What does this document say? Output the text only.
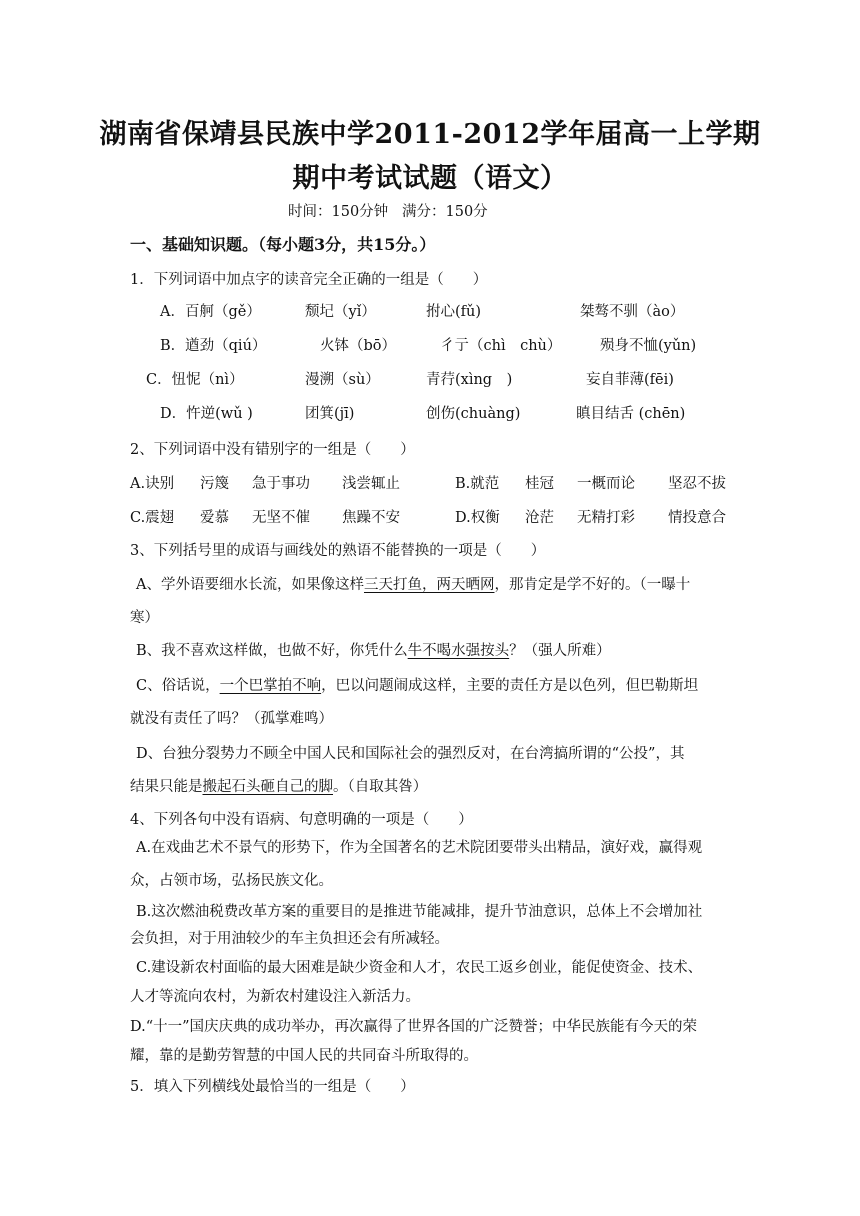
湖南省保靖县民族中学2011-2012学年届高一上学期
期中考试试题（语文）
时间：150分钟 满分：150分
一、基础知识题。（每小题3分，共15分。）
1．下列词语中加点字的读音完全正确的一组是（　　）
A．百舸（gě）	颓圮（yǐ）	拊心(fǔ)	桀骜不驯（ào）
B．遒劲（qiú）	火钵（bō）	彳亍（chì　chù）	殒身不恤(yǔn)
C．忸怩（nì）	漫溯（sù）	青荇(xìng　)	妄自菲薄(fēi)
D．忤逆(wǔ )	团箕(jī)	创伤(chuàng)	瞋目结舌 (chēn)
2、下列词语中没有错别字的一组是（　　）
A.诀别 污篾 急于事功 浅尝辄止	B.就范 桂冠 一概而论 坚忍不拔
C.震翅 爱慕 无坚不催 焦躁不安	D.权衡 沧茫 无精打彩 情投意合
3、下列括号里的成语与画线处的熟语不能替换的一项是（　　）
A、学外语要细水长流，如果像这样三天打鱼，两天晒网，那肯定是学不好的。（一曝十
寒）
B、我不喜欢这样做，也做不好，你凭什么牛不喝水强按头？（强人所难）
C、俗话说，一个巴掌拍不响，巴以问题闹成这样，主要的责任方是以色列，但巴勒斯坦
就没有责任了吗？（孤掌难鸣）
D、台独分裂势力不顾全中国人民和国际社会的强烈反对，在台湾搞所谓的“公投”，其
结果只能是搬起石头砸自己的脚。（自取其咎）
4、下列各句中没有语病、句意明确的一项是（　　）
A.在戏曲艺术不景气的形势下，作为全国著名的艺术院团要带头出精品，演好戏，赢得观
众，占领市场，弘扬民族文化。
B.这次燃油税费改革方案的重要目的是推进节能减排，提升节油意识，总体上不会增加社
会负担，对于用油较少的车主负担还会有所减轻。
C.建设新农村面临的最大困难是缺少资金和人才，农民工返乡创业，能促使资金、技术、
人才等流向农村，为新农村建设注入新活力。
D.“十一”国庆庆典的成功举办，再次赢得了世界各国的广泛赞誉；中华民族能有今天的荣
耀，靠的是勤劳智慧的中国人民的共同奋斗所取得的。
5．填入下列横线处最恰当的一组是（　　）
